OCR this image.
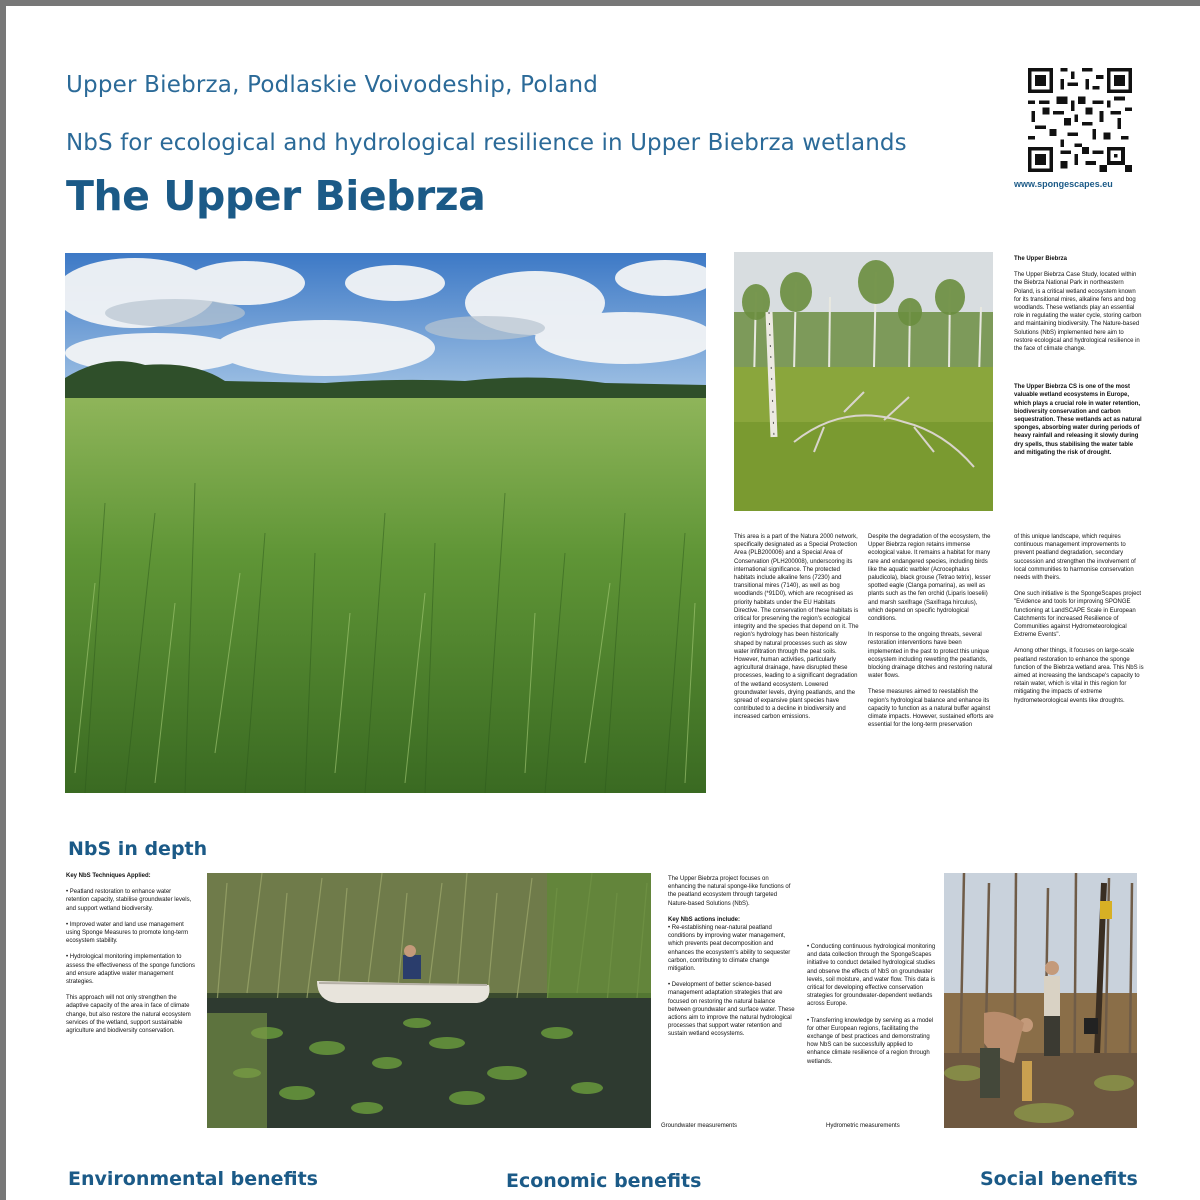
Upper Biebrza, Podlaskie Voivodeship, Poland
NbS for ecological and hydrological resilience in Upper Biebrza wetlands
The Upper Biebrza	www.spongescapes.eu

The Upper Biebrza

The Upper Biebrza Case Study, located within the Biebrza National Park in northeastern Poland, is a critical wetland ecosystem known for its transitional mires, alkaline fens and bog woodlands. These wetlands play an essential role in regulating the water cycle, storing carbon and maintaining biodiversity. The Nature-based Solutions (NbS) implemented here aim to restore ecological and hydrological resilience in the face of climate change.

The Upper Biebrza CS is one of the most valuable wetland ecosystems in Europe, which plays a crucial role in water retention, biodiversity conservation and carbon sequestration. These wetlands act as natural sponges, absorbing water during periods of heavy rainfall and releasing it slowly during dry spells, thus stabilising the water table and mitigating the risk of drought.

This area is a part of the Natura 2000 network, specifically designated as a Special Protection Area (PLB200006) and a Special Area of Conservation (PLH200008), underscoring its international significance. The protected habitats include alkaline fens (7230) and transitional mires (7140), as well as bog woodlands (*91D0), which are recognised as priority habitats under the EU Habitats Directive. The conservation of these habitats is critical for preserving the region's ecological integrity and the species that depend on it. The region's hydrology has been historically shaped by natural processes such as slow water infiltration through the peat soils. However, human activities, particularly agricultural drainage, have disrupted these processes, leading to a significant degradation of the wetland ecosystem. Lowered groundwater levels, drying peatlands, and the spread of expansive plant species have contributed to a decline in biodiversity and increased carbon emissions.

Despite the degradation of the ecosystem, the Upper Biebrza region retains immense ecological value. It remains a habitat for many rare and endangered species, including birds like the aquatic warbler (Acrocephalus paludicola), black grouse (Tetrao tetrix), lesser spotted eagle (Clanga pomarina), as well as plants such as the fen orchid (Liparis loeselii) and marsh saxifrage (Saxifraga hirculus), which depend on specific hydrological conditions.

In response to the ongoing threats, several restoration interventions have been implemented in the past to protect this unique ecosystem including rewetting the peatlands, blocking drainage ditches and restoring natural water flows.

These measures aimed to reestablish the region's hydrological balance and enhance its capacity to function as a natural buffer against climate impacts. However, sustained efforts are essential for the long-term preservation

of this unique landscape, which requires continuous management improvements to prevent peatland degradation, secondary succession and strengthen the involvement of local communities to harmonise conservation needs with theirs.

One such initiative is the SpongeScapes project "Evidence and tools for improving SPONGE functioning at LandSCAPE Scale in European Catchments for increased Resilience of Communities against Hydrometeorological Extreme Events".

Among other things, it focuses on large-scale peatland restoration to enhance the sponge function of the Biebrza wetland area. This NbS is aimed at increasing the landscape's capacity to retain water, which is vital in this region for mitigating the impacts of extreme hydrometeorological events like droughts.

NbS in depth

Key NbS Techniques Applied:

• Peatland restoration to enhance water retention capacity, stabilise groundwater levels, and support wetland biodiversity.

• Improved water and land use management using Sponge Measures to promote long-term ecosystem stability.

• Hydrological monitoring implementation to assess the effectiveness of the sponge functions and ensure adaptive water management strategies.

This approach will not only strengthen the adaptive capacity of the area in face of climate change, but also restore the natural ecosystem services of the wetland, support sustainable agriculture and biodiversity conservation.

The Upper Biebrza project focuses on enhancing the natural sponge-like functions of the peatland ecosystem through targeted Nature-based Solutions (NbS).

Key NbS actions include:

• Re-establishing near-natural peatland conditions by improving water management, which prevents peat decomposition and enhances the ecosystem's ability to sequester carbon, contributing to climate change mitigation.

• Development of better science-based management adaptation strategies that are focused on restoring the natural balance between groundwater and surface water. These actions aim to improve the natural hydrological processes that support water retention and sustain wetland ecosystems.

• Conducting continuous hydrological monitoring and data collection through the SpongeScapes initiative to conduct detailed hydrological studies and observe the effects of NbS on groundwater levels, soil moisture, and water flow. This data is critical for developing effective conservation strategies for groundwater-dependent wetlands across Europe.

• Transferring knowledge by serving as a model for other European regions, facilitating the exchange of best practices and demonstrating how NbS can be successfully applied to enhance climate resilience of a region through wetlands.

Groundwater measurements	Hydrometric measurements
Environmental benefits	Economic benefits	Social benefits
